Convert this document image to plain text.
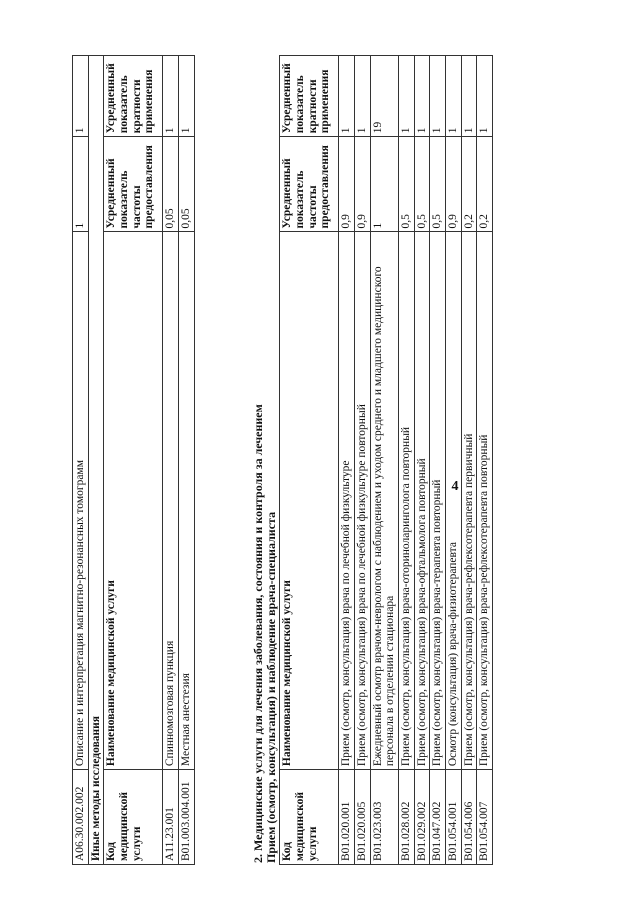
A06.30.002.002	Описание и интерпретация магнитно-резонансных томограмм	1	1
Иные методы исследования			
Код медицинской услуги	Наименование медицинской услуги	Усредненный показатель частоты предоставления	Усредненный показатель кратности применения
A11.23.001	Спинномозговая пункция	0,05	1
B01.003.004.001	Местная анестезия	0,05	1
2. Медицинские услуги для лечения заболевания, состояния и контроля за лечением Прием (осмотр, консультация) и наблюдение врача-специалиста Код медицинской услуги	Наименование медицинской услуги	Усредненный показатель частоты предоставления	Усредненный показатель кратности применения
B01.020.001	Прием (осмотр, консультация) врача по лечебной физкультуре	0,9	1
B01.020.005	Прием (осмотр, консультация) врача по лечебной физкультуре повторный	0,9	1
B01.023.003	Ежедневный осмотр врачом-неврологом с наблюдением и уходом среднего и младшего медицинского персонала в отделении стационара	1	19
B01.028.002	Прием (осмотр, консультация) врача-оториноларинголога повторный	0,5	1
B01.029.002	Прием (осмотр, консультация) врача-офтальмолога повторный	0,5	1
B01.047.002	Прием (осмотр, консультация) врача-терапевта повторный	0,5	1
B01.054.001	Осмотр (консультация) врача-физиотерапевта	0,9	1
B01.054.006	Прием (осмотр, консультация) врача-рефлексотерапевта первичный	0,2	1
B01.054.007	Прием (осмотр, консультация) врача-рефлексотерапевта повторный	0,2	1
4
